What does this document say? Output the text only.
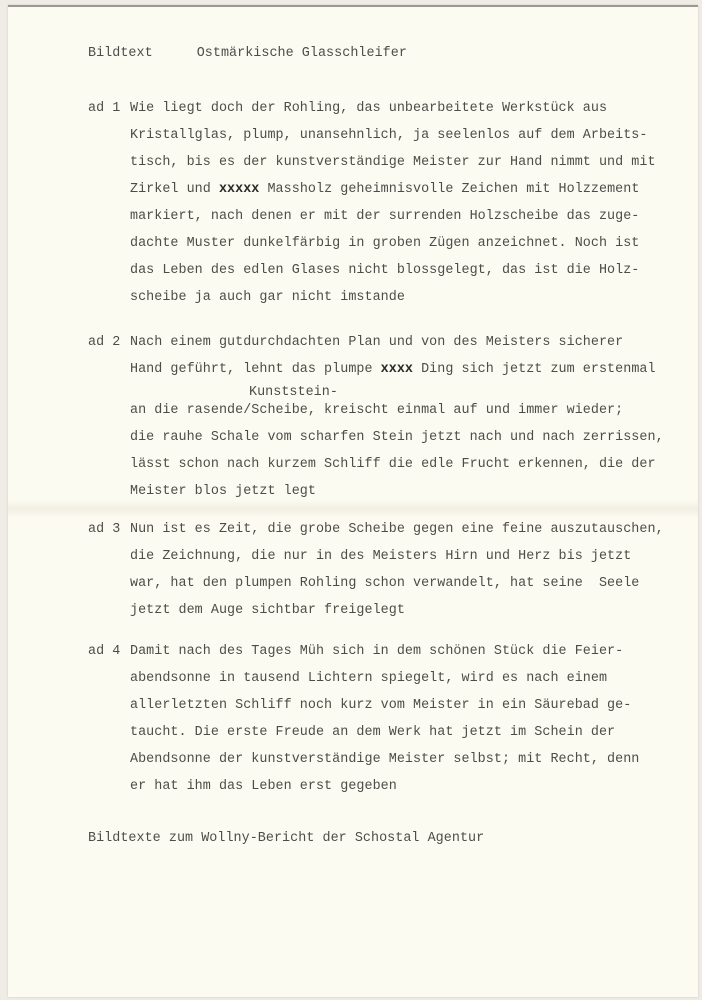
Bildtext	Ostmärkische Glasschleifer
ad 1 Wie liegt doch der Rohling, das unbearbeitete Werkstück aus
Kristallglas, plump, unansehnlich, ja seelenlos auf dem Arbeits-
tisch, bis es der kunstverständige Meister zur Hand nimmt und mit
Zirkel und xxxxx Massholz geheimnisvolle Zeichen mit Holzzement
markiert, nach denen er mit der surrenden Holzscheibe das zuge-
dachte Muster dunkelfärbig in groben Zügen anzeichnet. Noch ist
das Leben des edlen Glases nicht blossgelegt, das ist die Holz-
scheibe ja auch gar nicht imstande
ad 2 Nach einem gutdurchdachten Plan und von des Meisters sicherer
Hand geführt, lehnt das plumpe xxxx Ding sich jetzt zum erstenmal
Kunststein-
an die rasende/Scheibe, kreischt einmal auf und immer wieder;
die rauhe Schale vom scharfen Stein jetzt nach und nach zerrissen,
lässt schon nach kurzem Schliff die edle Frucht erkennen, die der
Meister blos jetzt legt
ad 3 Nun ist es Zeit, die grobe Scheibe gegen eine feine auszutauschen,
die Zeichnung, die nur in des Meisters Hirn und Herz bis jetzt
war, hat den plumpen Rohling schon verwandelt, hat seine  Seele
jetzt dem Auge sichtbar freigelegt
ad 4 Damit nach des Tages Müh sich in dem schönen Stück die Feier-
abendsonne in tausend Lichtern spiegelt, wird es nach einem
allerletzten Schliff noch kurz vom Meister in ein Säurebad ge-
taucht. Die erste Freude an dem Werk hat jetzt im Schein der
Abendsonne der kunstverständige Meister selbst; mit Recht, denn
er hat ihm das Leben erst gegeben
Bildtexte zum Wollny-Bericht der Schostal Agentur
